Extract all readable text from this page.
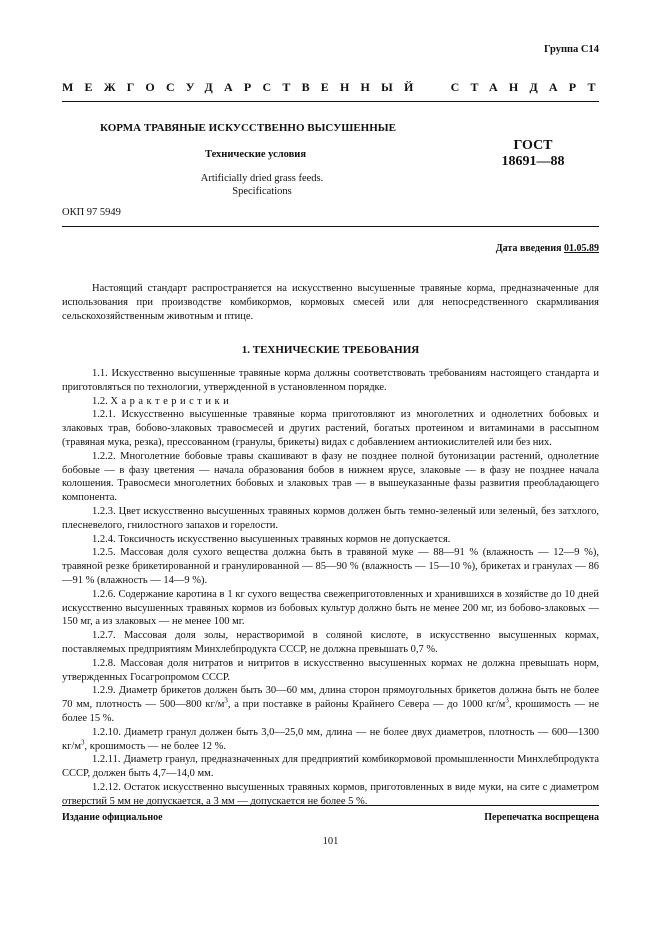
Группа С14
МЕЖГОСУДАРСТВЕННЫЙ СТАНДАРТ
КОРМА ТРАВЯНЫЕ ИСКУССТВЕННО ВЫСУШЕННЫЕ
Технические условия
Artificially dried grass feeds.
Specifications
ГОСТ
18691—88
ОКП 97 5949
Дата введения 01.05.89

Настоящий стандарт распространяется на искусственно высушенные травяные корма, предназначенные для использования при производстве комбикормов, кормовых смесей или для непосредственного скармливания сельскохозяйственным животным и птице.

1. ТЕХНИЧЕСКИЕ ТРЕБОВАНИЯ

1.1. Искусственно высушенные травяные корма должны соответствовать требованиям настоящего стандарта и приготовляться по технологии, утвержденной в установленном порядке.

1.2. Характеристики

1.2.1. Искусственно высушенные травяные корма приготовляют из многолетних и однолетних бобовых и злаковых трав, бобово-злаковых травосмесей и других растений, богатых протеином и витаминами в рассыпном (травяная мука, резка), прессованном (гранулы, брикеты) видах с добавлением антиокислителей или без них.

1.2.2. Многолетние бобовые травы скашивают в фазу не позднее полной бутонизации растений, однолетние бобовые — в фазу цветения — начала образования бобов в нижнем ярусе, злаковые — в фазу не позднее начала колошения. Травосмеси многолетних бобовых и злаковых трав — в вышеуказанные фазы развития преобладающего компонента.

1.2.3. Цвет искусственно высушенных травяных кормов должен быть темно-зеленый или зеленый, без затхлого, плесневелого, гнилостного запахов и горелости.

1.2.4. Токсичность искусственно высушенных травяных кормов не допускается.

1.2.5. Массовая доля сухого вещества должна быть в травяной муке — 88—91 % (влажность — 12—9 %), травяной резке брикетированной и гранулированной — 85—90 % (влажность — 15—10 %), брикетах и гранулах — 86—91 % (влажность — 14—9 %).

1.2.6. Содержание каротина в 1 кг сухого вещества свежеприготовленных и хранившихся в хозяйстве до 10 дней искусственно высушенных травяных кормов из бобовых культур должно быть не менее 200 мг, из бобово-злаковых — 150 мг, а из злаковых — не менее 100 мг.

1.2.7. Массовая доля золы, нерастворимой в соляной кислоте, в искусственно высушенных кормах, поставляемых предприятиям Минхлебпродукта СССР, не должна превышать 0,7 %.

1.2.8. Массовая доля нитратов и нитритов в искусственно высушенных кормах не должна превышать норм, утвержденных Госагропромом СССР.

1.2.9. Диаметр брикетов должен быть 30—60 мм, длина сторон прямоугольных брикетов должна быть не более 70 мм, плотность — 500—800 $кг/м^3$, а при поставке в районы Крайнего Севера — до 1000 $кг/м^3$, крошимость — не более 15 %.

1.2.10. Диаметр гранул должен быть 3,0—25,0 мм, длина — не более двух диаметров, плотность — 600—1300 $кг/м^3$, крошимость — не более 12 %.

1.2.11. Диаметр гранул, предназначенных для предприятий комбикормовой промышленности Минхлебпродукта СССР, должен быть 4,7—14,0 мм.

1.2.12. Остаток искусственно высушенных травяных кормов, приготовленных в виде муки, на сите с диаметром отверстий 5 мм не допускается, а 3 мм — допускается не более 5 %.

Издание официальное	Перепечатка воспрещена
101
